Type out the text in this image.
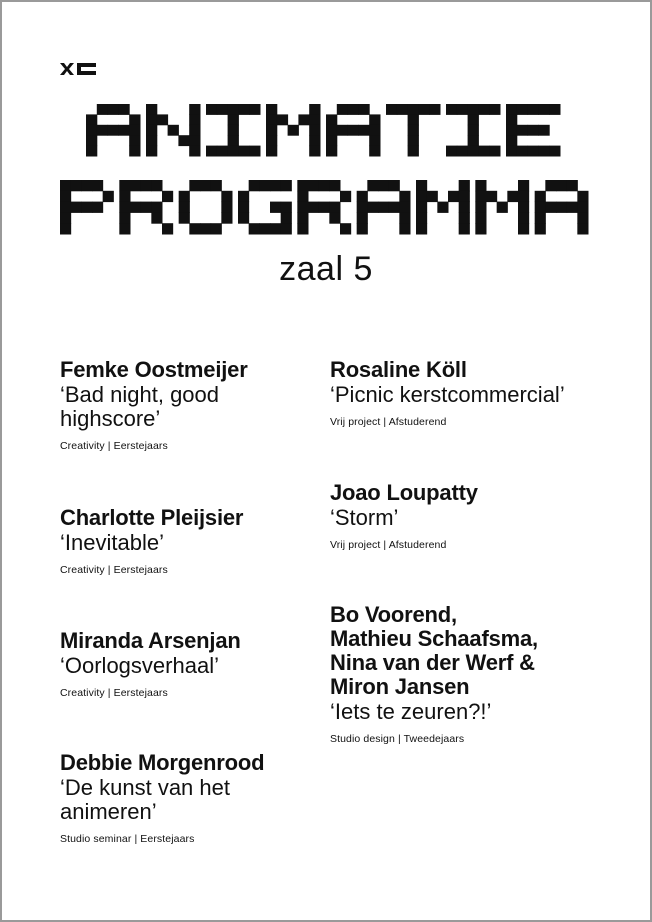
zaal 5
Femke Oostmeijer
‘Bad night, good
highscore’
Creativity | Eerstejaars
Charlotte Pleijsier
‘Inevitable’
Creativity | Eerstejaars
Miranda Arsenjan
‘Oorlogsverhaal’
Creativity | Eerstejaars
Debbie Morgenrood
‘De kunst van het
animeren’
Studio seminar | Eerstejaars
Rosaline Köll
‘Picnic kerstcommercial’
Vrij project | Afstuderend
Joao Loupatty
‘Storm’
Vrij project | Afstuderend
Bo Voorend,
Mathieu Schaafsma,
Nina van der Werf &
Miron Jansen
‘Iets te zeuren?!’
Studio design | Tweedejaars
